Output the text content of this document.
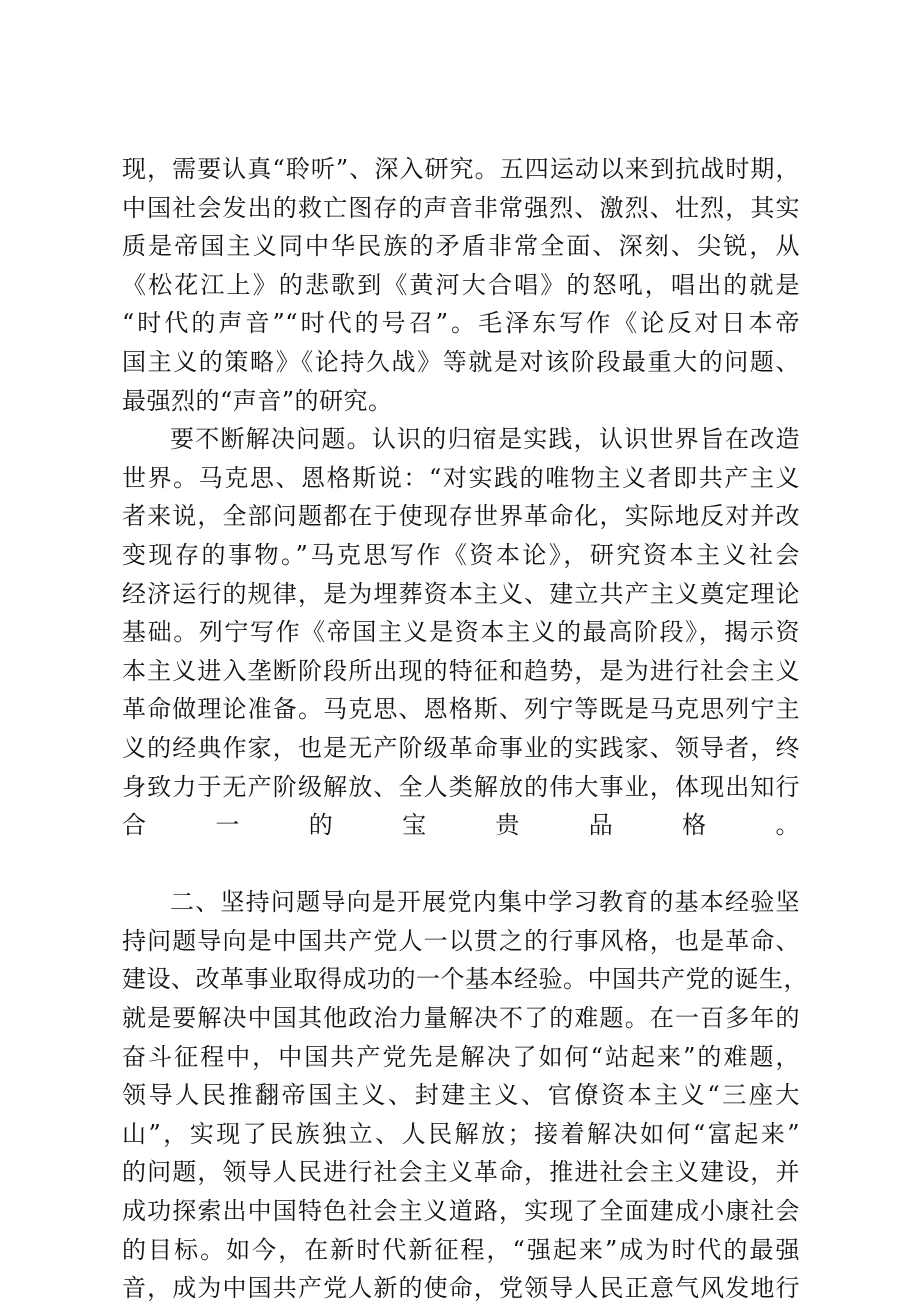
现，需要认真“聆听”、深入研究。五四运动以来到抗战时期，
中国社会发出的救亡图存的声音非常强烈、激烈、壮烈，其实
质是帝国主义同中华民族的矛盾非常全面、深刻、尖锐，从
《松花江上》的悲歌到《黄河大合唱》的怒吼，唱出的就是
“时代的声音”“时代的号召”。毛泽东写作《论反对日本帝
国主义的策略》《论持久战》等就是对该阶段最重大的问题、
最强烈的“声音”的研究。
要不断解决问题。认识的归宿是实践，认识世界旨在改造
世界。马克思、恩格斯说：“对实践的唯物主义者即共产主义
者来说，全部问题都在于使现存世界革命化，实际地反对并改
变现存的事物。”马克思写作《资本论》，研究资本主义社会
经济运行的规律，是为埋葬资本主义、建立共产主义奠定理论
基础。列宁写作《帝国主义是资本主义的最高阶段》，揭示资
本主义进入垄断阶段所出现的特征和趋势，是为进行社会主义
革命做理论准备。马克思、恩格斯、列宁等既是马克思列宁主
义的经典作家，也是无产阶级革命事业的实践家、领导者，终
身致力于无产阶级解放、全人类解放的伟大事业，体现出知行
合一的宝贵品格。
二、坚持问题导向是开展党内集中学习教育的基本经验坚
持问题导向是中国共产党人一以贯之的行事风格，也是革命、
建设、改革事业取得成功的一个基本经验。中国共产党的诞生，
就是要解决中国其他政治力量解决不了的难题。在一百多年的
奋斗征程中，中国共产党先是解决了如何“站起来”的难题，
领导人民推翻帝国主义、封建主义、官僚资本主义“三座大
山”，实现了民族独立、人民解放；接着解决如何“富起来”
的问题，领导人民进行社会主义革命，推进社会主义建设，并
成功探索出中国特色社会主义道路，实现了全面建成小康社会
的目标。如今，在新时代新征程，“强起来”成为时代的最强
音，成为中国共产党人新的使命，党领导人民正意气风发地行
